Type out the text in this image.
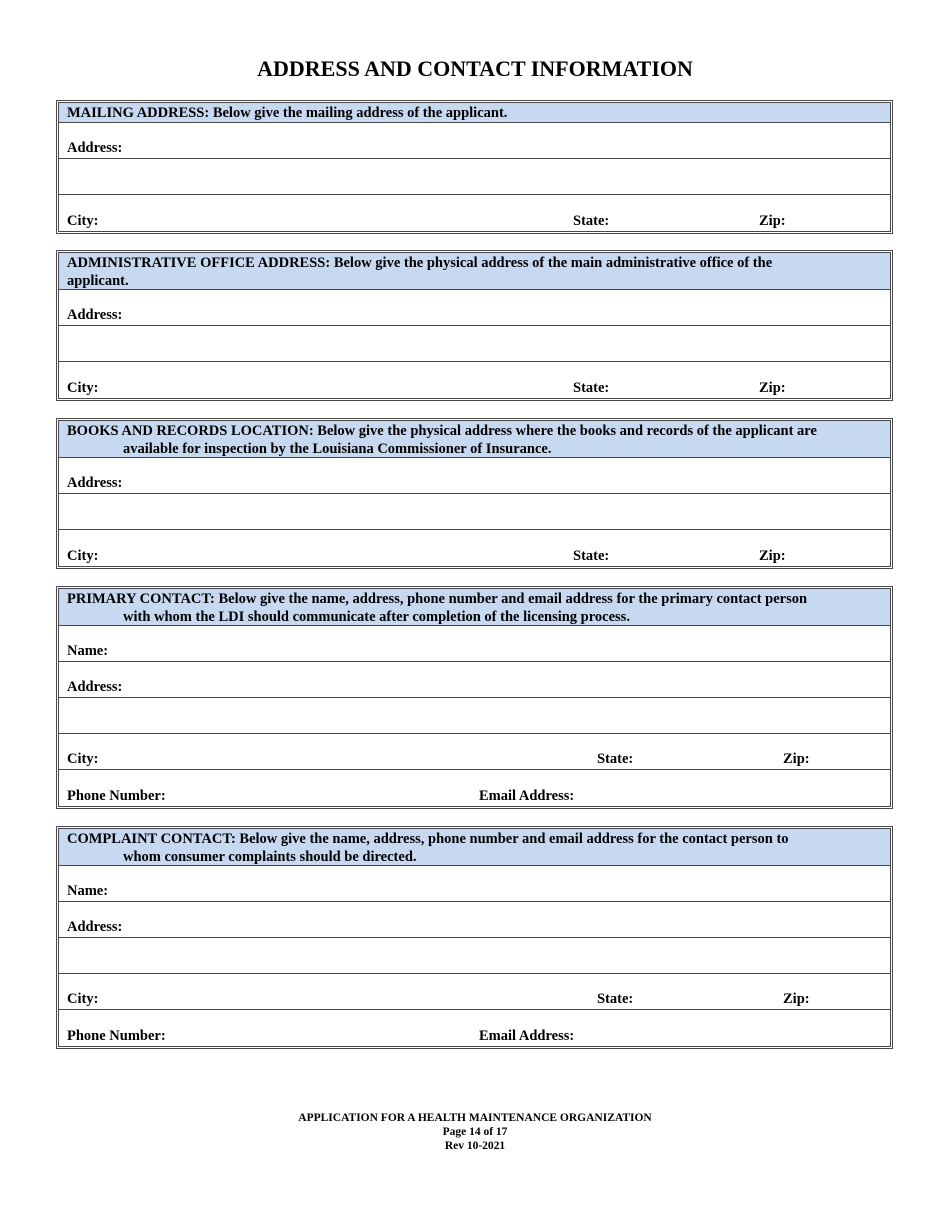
ADDRESS AND CONTACT INFORMATION
MAILING ADDRESS: Below give the mailing address of the applicant.
Address:
City:	State:	Zip:
ADMINISTRATIVE OFFICE ADDRESS: Below give the physical address of the main administrative office of the
applicant.
Address:
City:	State:	Zip:
BOOKS AND RECORDS LOCATION: Below give the physical address where the books and records of the applicant are
available for inspection by the Louisiana Commissioner of Insurance.
Address:
City:	State:	Zip:
PRIMARY CONTACT: Below give the name, address, phone number and email address for the primary contact person
with whom the LDI should communicate after completion of the licensing process.
Name:
Address:
City:	State:	Zip:
Phone Number:	Email Address:
COMPLAINT CONTACT: Below give the name, address, phone number and email address for the contact person to
whom consumer complaints should be directed.
Name:
Address:
City:	State:	Zip:
Phone Number:	Email Address:
APPLICATION FOR A HEALTH MAINTENANCE ORGANIZATION
Page 14 of 17
Rev 10-2021
